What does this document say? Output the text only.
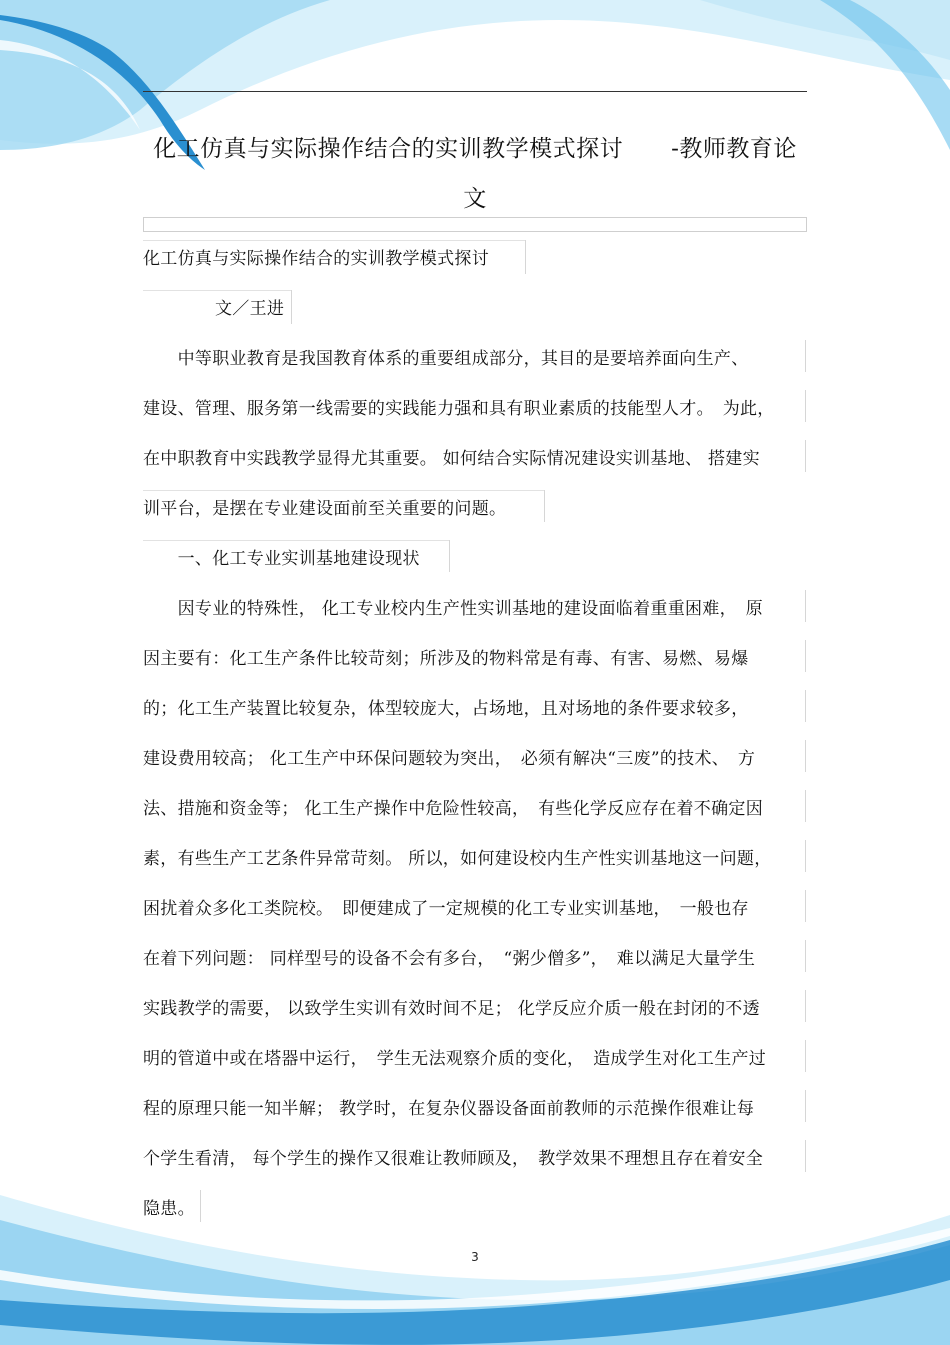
化工仿真与实际操作结合的实训教学模式探讨 -教师教育论
文
化工仿真与实际操作结合的实训教学模式探讨
文／王进
　　中等职业教育是我国教育体系的重要组成部分，其目的是要培养面向生产、
建设、管理、服务第一线需要的实践能力强和具有职业素质的技能型人才。　为此，
在中职教育中实践教学显得尤其重要。 如何结合实际情况建设实训基地、 搭建实
训平台，是摆在专业建设面前至关重要的问题。
　　一、化工专业实训基地建设现状
　　因专业的特殊性， 化工专业校内生产性实训基地的建设面临着重重困难，　原
因主要有：化工生产条件比较苛刻；所涉及的物料常是有毒、有害、易燃、易爆
的；化工生产装置比较复杂，体型较庞大，占场地，且对场地的条件要求较多，
建设费用较高； 化工生产中环保问题较为突出，　必须有解决“三废”的技术、　方
法、措施和资金等； 化工生产操作中危险性较高，　有些化学反应存在着不确定因
素，有些生产工艺条件异常苛刻。 所以，如何建设校内生产性实训基地这一问题，
困扰着众多化工类院校。　即便建成了一定规模的化工专业实训基地，　一般也存
在着下列问题： 同样型号的设备不会有多台，　“粥少僧多”，　难以满足大量学生
实践教学的需要， 以致学生实训有效时间不足； 化学反应介质一般在封闭的不透
明的管道中或在塔器中运行，　学生无法观察介质的变化，　造成学生对化工生产过
程的原理只能一知半解； 教学时，在复杂仪器设备面前教师的示范操作很难让每
个学生看清， 每个学生的操作又很难让教师顾及，　教学效果不理想且存在着安全
隐患。
3
